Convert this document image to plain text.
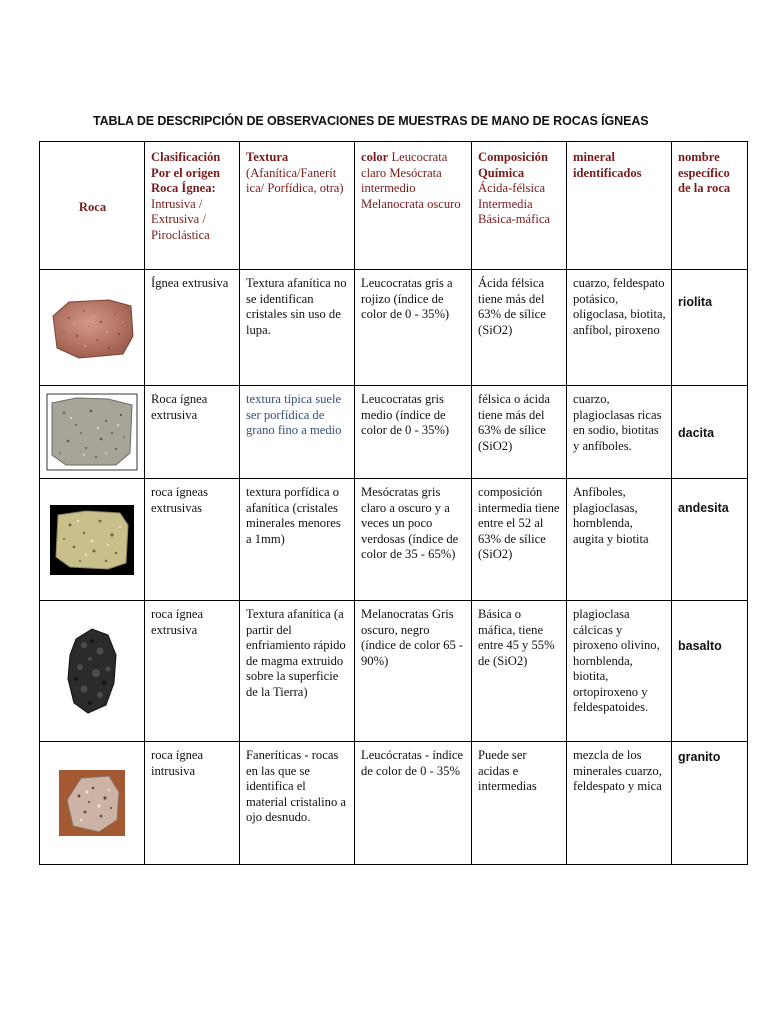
TABLA DE DESCRIPCIÓN DE OBSERVACIONES DE MUESTRAS DE MANO DE ROCAS ÍGNEAS
Roca	Clasificación Por el origen Roca Ígnea: Intrusiva / Extrusiva / Piroclástica	Textura (Afanítica/Fanerít ica/ Porfídica, otra)	color Leucocrata claro Mesócrata intermedio Melanocrata oscuro	Composición Química Ácida-félsica Intermedia Básica-máfica	mineral identificados	nombre específico de la roca

	Ígnea extrusiva	Textura afanítica no se identifican cristales sin uso de lupa.	Leucocratas gris a rojizo (índice de color de 0 - 35%)	Ácida félsica tiene más del 63% de sílice (SiO2)	cuarzo, feldespato potásico, oligoclasa, biotita, anfíbol, piroxeno	riolita

	Roca ígnea extrusiva	textura típica suele ser porfídica de grano fino a medio	Leucocratas gris medio (índice de color de 0 - 35%)	félsica o ácida tiene más del 63% de sílice (SiO2)	cuarzo, plagioclasas ricas en sodio, biotitas y anfíboles.	dacita

	roca ígneas extrusivas	textura porfídica o afanítica (cristales minerales menores a 1mm)	Mesócratas gris claro a oscuro y a veces un poco verdosas (índice de color de 35 - 65%)	composición intermedia tiene entre el 52 al 63% de sílice (SiO2)	Anfíboles, plagioclasas, hornblenda, augita y biotita	andesita

	roca ígnea extrusiva	Textura afanítica (a partir del enfriamiento rápido de magma extruido sobre la superficie de la Tierra)	Melanocratas Gris oscuro, negro (índice de color 65 - 90%)	Básica o máfica, tiene entre 45 y 55% de (SiO2)	plagioclasa cálcicas y piroxeno olivino, hornblenda, biotita, ortopiroxeno y feldespatoides.	basalto

	roca ígnea intrusiva	Faneríticas - rocas en las que se identifica el material cristalino a ojo desnudo.	Leucócratas - índice de color de 0 - 35%	Puede ser acidas e intermedias	mezcla de los minerales cuarzo, feldespato y mica	granito
